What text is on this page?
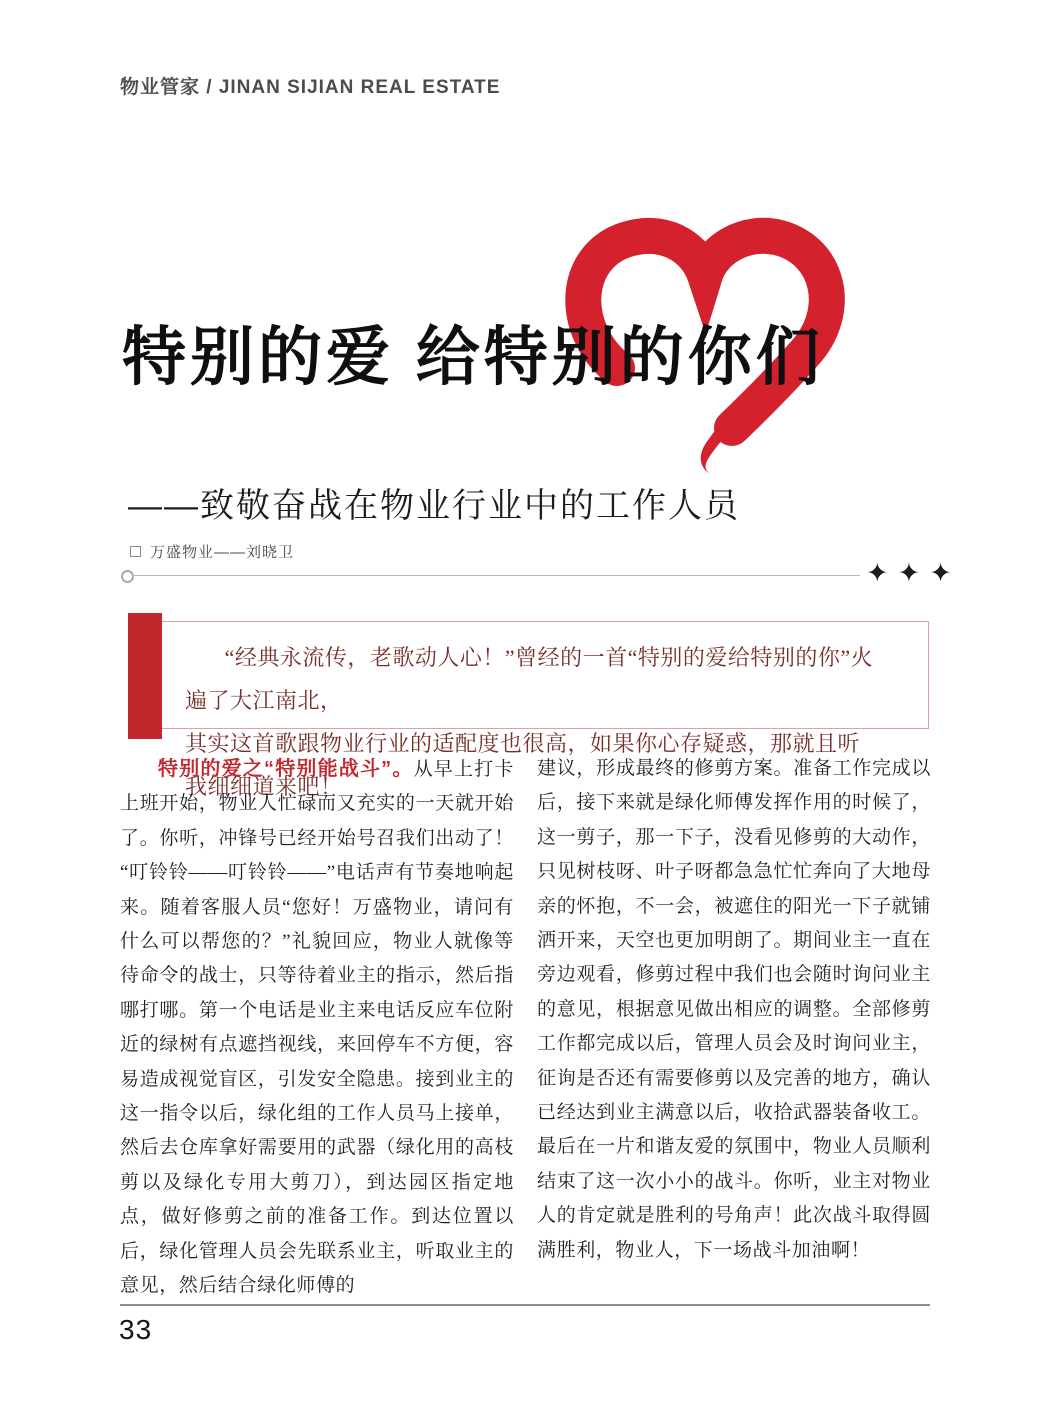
物业管家 / JINAN SIJIAN REAL ESTATE
特别的爱 给特别的你们
——致敬奋战在物业行业中的工作人员
万盛物业——刘晓卫
✦✦✦
“经典永流传，老歌动人心！”曾经的一首“特别的爱给特别的你”火遍了大江南北，
其实这首歌跟物业行业的适配度也很高，如果你心存疑惑，那就且听我细细道来吧！

特别的爱之“特别能战斗”。从早上打卡上班开始，物业人忙碌而又充实的一天就开始了。你听，冲锋号已经开始号召我们出动了！“叮铃铃——叮铃铃——”电话声有节奏地响起来。随着客服人员“您好！万盛物业，请问有什么可以帮您的？”礼貌回应，物业人就像等待命令的战士，只等待着业主的指示，然后指哪打哪。第一个电话是业主来电话反应车位附近的绿树有点遮挡视线，来回停车不方便，容易造成视觉盲区，引发安全隐患。接到业主的这一指令以后，绿化组的工作人员马上接单，然后去仓库拿好需要用的武器（绿化用的高枝剪以及绿化专用大剪刀），到达园区指定地点，做好修剪之前的准备工作。到达位置以后，绿化管理人员会先联系业主，听取业主的意见，然后结合绿化师傅的

建议，形成最终的修剪方案。准备工作完成以后，接下来就是绿化师傅发挥作用的时候了，这一剪子，那一下子，没看见修剪的大动作，只见树枝呀、叶子呀都急急忙忙奔向了大地母亲的怀抱，不一会，被遮住的阳光一下子就铺洒开来，天空也更加明朗了。期间业主一直在旁边观看，修剪过程中我们也会随时询问业主的意见，根据意见做出相应的调整。全部修剪工作都完成以后，管理人员会及时询问业主，征询是否还有需要修剪以及完善的地方，确认已经达到业主满意以后，收拾武器装备收工。最后在一片和谐友爱的氛围中，物业人员顺利结束了这一次小小的战斗。你听，业主对物业人的肯定就是胜利的号角声！此次战斗取得圆满胜利，物业人，下一场战斗加油啊！

33
